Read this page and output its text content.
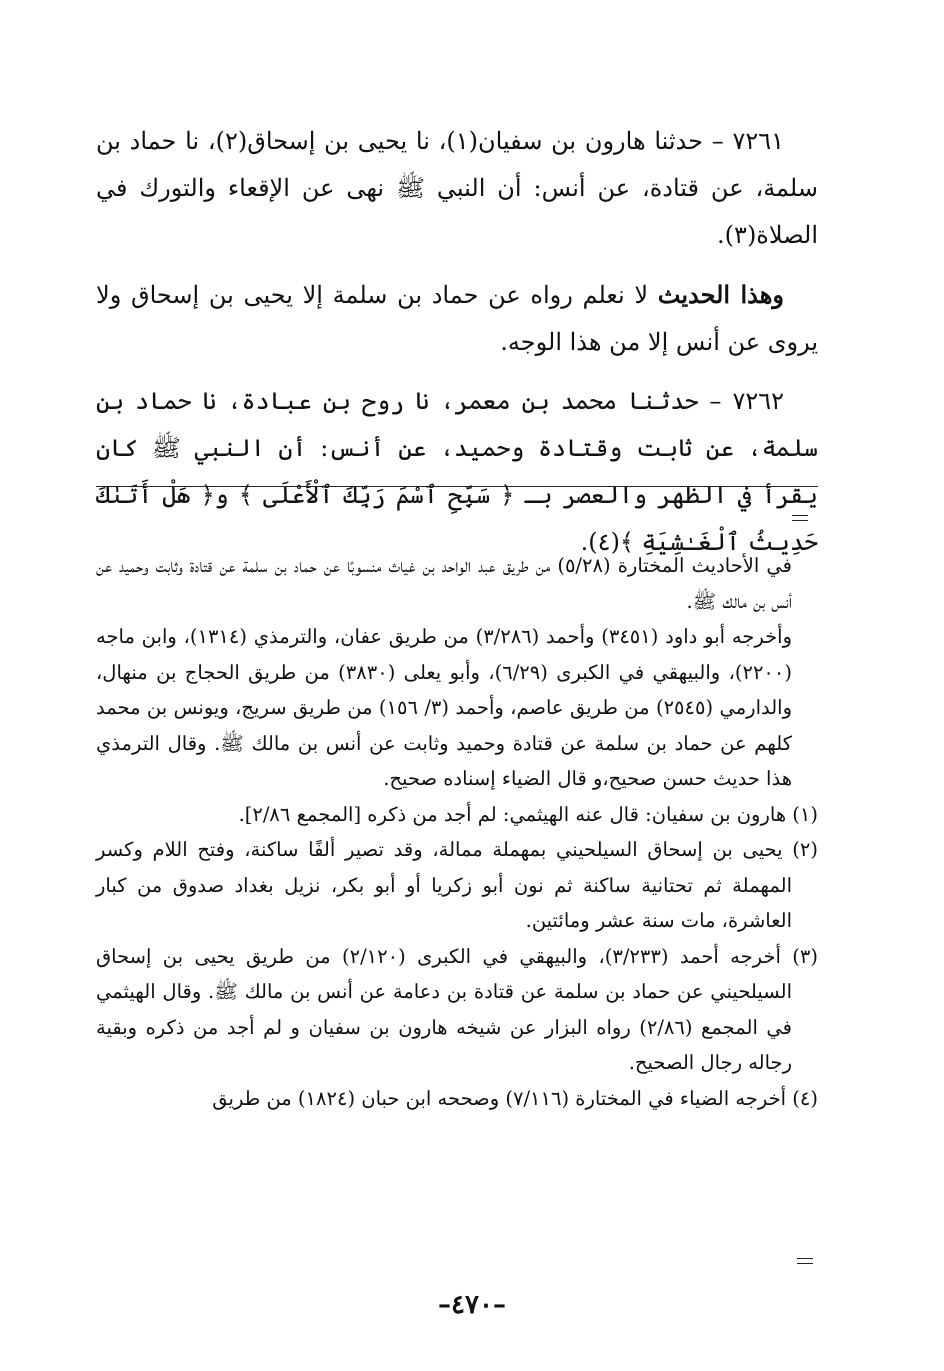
٧٢٦١ – حدثنا هارون بن سفيان(١)، نا يحيى بن إسحاق(٢)، نا حماد بن سلمة، عن قتادة، عن أنس: أن النبي ﷺ نهى عن الإقعاء والتورك في الصلاة(٣).

وهذا الحديث لا نعلم رواه عن حماد بن سلمة إلا يحيى بن إسحاق ولا يروى عن أنس إلا من هذا الوجه.

٧٢٦٢ – حدثنا محمد بن معمر، نا روح بن عبادة، نا حماد بن سلمة، عن ثابت وقتادة وحميد، عن أنس: أن النبي ﷺ كان يقرأ في الظهر والعصر بـ ﴿ سَبِّحِ ٱسْمَ رَبِّكَ ٱلْأَعْلَى ﴾ و﴿ هَلْ أَتَىٰكَ حَدِيثُ ٱلْغَـٰشِيَةِ ﴾(٤).

في الأحاديث المختارة (٥/٢٨) من طريق عبد الواحد بن غياث منسوبًا عن حماد بن سلمة عن قتادة وثابت وحميد عن أنس بن مالك ﷺ.

وأخرجه أبو داود (٣٤٥١) وأحمد (٣/٢٨٦) من طريق عفان، والترمذي (١٣١٤)، وابن ماجه (٢٢٠٠)، والبيهقي في الكبرى (٦/٢٩)، وأبو يعلى (٣٨٣٠) من طريق الحجاج بن منهال، والدارمي (٢٥٤٥) من طريق عاصم، وأحمد (٣/ ١٥٦) من طريق سريج، ويونس بن محمد كلهم عن حماد بن سلمة عن قتادة وحميد وثابت عن أنس بن مالك ﷺ. وقال الترمذي هذا حديث حسن صحيح،و قال الضياء إسناده صحيح.

(١) هارون بن سفيان: قال عنه الهيثمي: لم أجد من ذكره [المجمع ٢/٨٦].

(٢) يحيى بن إسحاق السيلحيني بمهملة ممالة، وقد تصير ألفًا ساكنة، وفتح اللام وكسر المهملة ثم تحتانية ساكنة ثم نون أبو زكريا أو أبو بكر، نزيل بغداد صدوق من كبار العاشرة، مات سنة عشر ومائتين.

(٣) أخرجه أحمد (٣/٢٣٣)، والبيهقي في الكبرى (٢/١٢٠) من طريق يحيى بن إسحاق السيلحيني عن حماد بن سلمة عن قتادة بن دعامة عن أنس بن مالك ﷺ. وقال الهيثمي في المجمع (٢/٨٦) رواه البزار عن شيخه هارون بن سفيان و لم أجد من ذكره وبقية رجاله رجال الصحيح.

(٤) أخرجه الضياء في المختارة (٧/١١٦) وصححه ابن حبان (١٨٢٤) من طريق

–٤٧٠–
